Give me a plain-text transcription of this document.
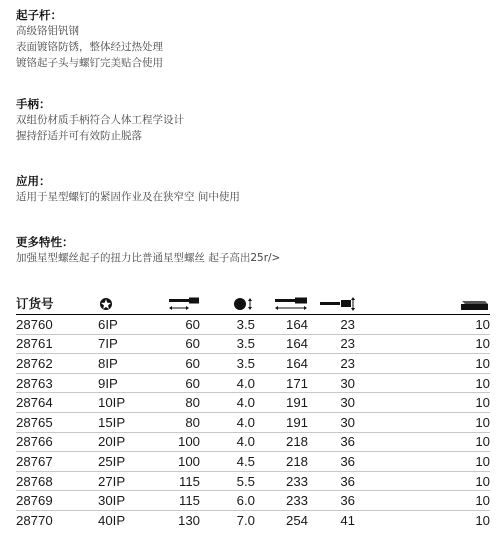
起子杆：
高级铬钼钒钢
表面镀铬防锈，整体经过热处理
镀铬起子头与螺钉完美贴合使用
手柄：
双组份材质手柄符合人体工程学设计
握持舒适并可有效防止脱落
应用：
适用于星型螺钉的紧固作业及在狭窄空 间中使用
更多特性：
加强星型螺丝起子的扭力比普通星型螺丝 起子高出25r/>
订货号						
28760	6IP	60	3.5	164	23	10
28761	7IP	60	3.5	164	23	10
28762	8IP	60	3.5	164	23	10
28763	9IP	60	4.0	171	30	10
28764	10IP	80	4.0	191	30	10
28765	15IP	80	4.0	191	30	10
28766	20IP	100	4.0	218	36	10
28767	25IP	100	4.5	218	36	10
28768	27IP	115	5.5	233	36	10
28769	30IP	115	6.0	233	36	10
28770	40IP	130	7.0	254	41	10
